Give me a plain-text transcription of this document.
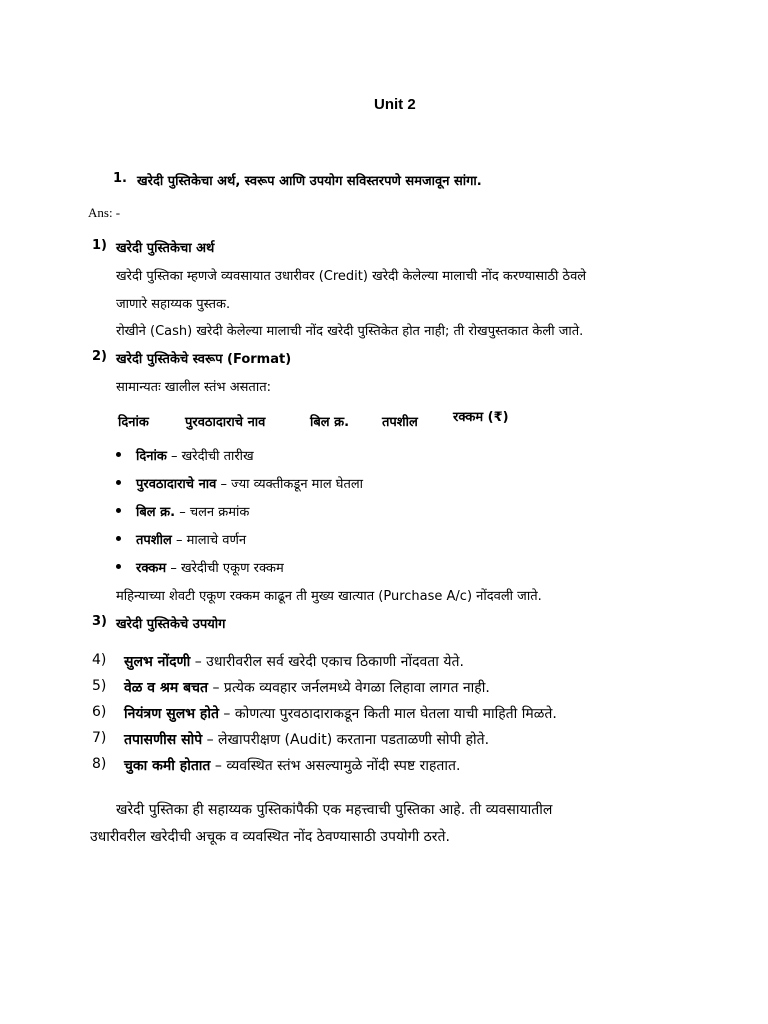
Unit 2
1. खरेदी पुस्तिकेचा अर्थ, स्वरूप आणि उपयोग सविस्तरपणे समजावून सांगा.
Ans: -
1) खरेदी पुस्तिकेचा अर्थ
खरेदी पुस्तिका म्हणजे व्यवसायात उधारीवर (Credit) खरेदी केलेल्या मालाची नोंद करण्यासाठी ठेवले
जाणारे सहाय्यक पुस्तक.
रोखीने (Cash) खरेदी केलेल्या मालाची नोंद खरेदी पुस्तिकेत होत नाही; ती रोखपुस्तकात केली जाते.
2) खरेदी पुस्तिकेचे स्वरूप (Format)
सामान्यतः खालील स्तंभ असतात:
दिनांक	पुरवठादाराचे नाव	बिल क्र.	तपशील	रक्कम (₹)
दिनांक – खरेदीची तारीख
पुरवठादाराचे नाव – ज्या व्यक्तीकडून माल घेतला
बिल क्र. – चलन क्रमांक
तपशील – मालाचे वर्णन
रक्कम – खरेदीची एकूण रक्कम
महिन्याच्या शेवटी एकूण रक्कम काढून ती मुख्य खात्यात (Purchase A/c) नोंदवली जाते.
3) खरेदी पुस्तिकेचे उपयोग
4) सुलभ नोंदणी – उधारीवरील सर्व खरेदी एकाच ठिकाणी नोंदवता येते.
5) वेळ व श्रम बचत – प्रत्येक व्यवहार जर्नलमध्ये वेगळा लिहावा लागत नाही.
6) नियंत्रण सुलभ होते – कोणत्या पुरवठादाराकडून किती माल घेतला याची माहिती मिळते.
7) तपासणीस सोपे – लेखापरीक्षण (Audit) करताना पडताळणी सोपी होते.
8) चुका कमी होतात – व्यवस्थित स्तंभ असल्यामुळे नोंदी स्पष्ट राहतात.
खरेदी पुस्तिका ही सहाय्यक पुस्तिकांपैकी एक महत्त्वाची पुस्तिका आहे. ती व्यवसायातील
उधारीवरील खरेदीची अचूक व व्यवस्थित नोंद ठेवण्यासाठी उपयोगी ठरते.
